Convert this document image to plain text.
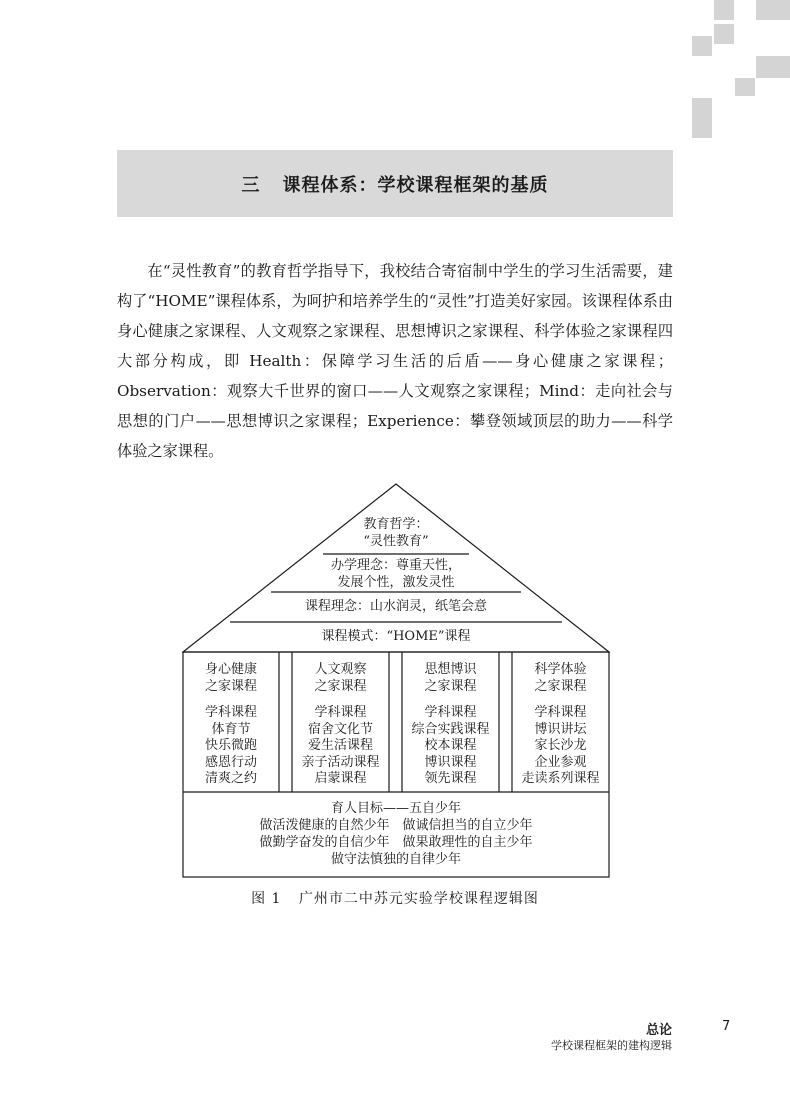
三 课程体系：学校课程框架的基质

在“灵性教育”的教育哲学指导下，我校结合寄宿制中学生的学习生活需要，建构了“HOME”课程体系，为呵护和培养学生的“灵性”打造美好家园。该课程体系由身心健康之家课程、人文观察之家课程、思想博识之家课程、科学体验之家课程四大部分构成，即 Health：保障学习生活的后盾——身心健康之家课程；Observation：观察大千世界的窗口——人文观察之家课程；Mind：走向社会与思想的门户——思想博识之家课程；Experience：攀登领域顶层的助力——科学体验之家课程。

教育哲学：
“灵性教育”
办学理念：尊重天性，
发展个性，激发灵性
课程理念：山水润灵，纸笔会意
课程模式：“HOME”课程
身心健康
之家课程
学科课程
体育节
快乐微跑
感恩行动
清爽之约
人文观察
之家课程
学科课程
宿舍文化节
爱生活课程
亲子活动课程
启蒙课程
思想博识
之家课程
学科课程
综合实践课程
校本课程
博识课程
领先课程
科学体验
之家课程
学科课程
博识讲坛
家长沙龙
企业参观
走读系列课程
育人目标——五自少年
做活泼健康的自然少年　做诚信担当的自立少年
做勤学奋发的自信少年　做果敢理性的自主少年
做守法慎独的自律少年
图 1 广州市二中苏元实验学校课程逻辑图
总论
学校课程框架的建构逻辑
7
